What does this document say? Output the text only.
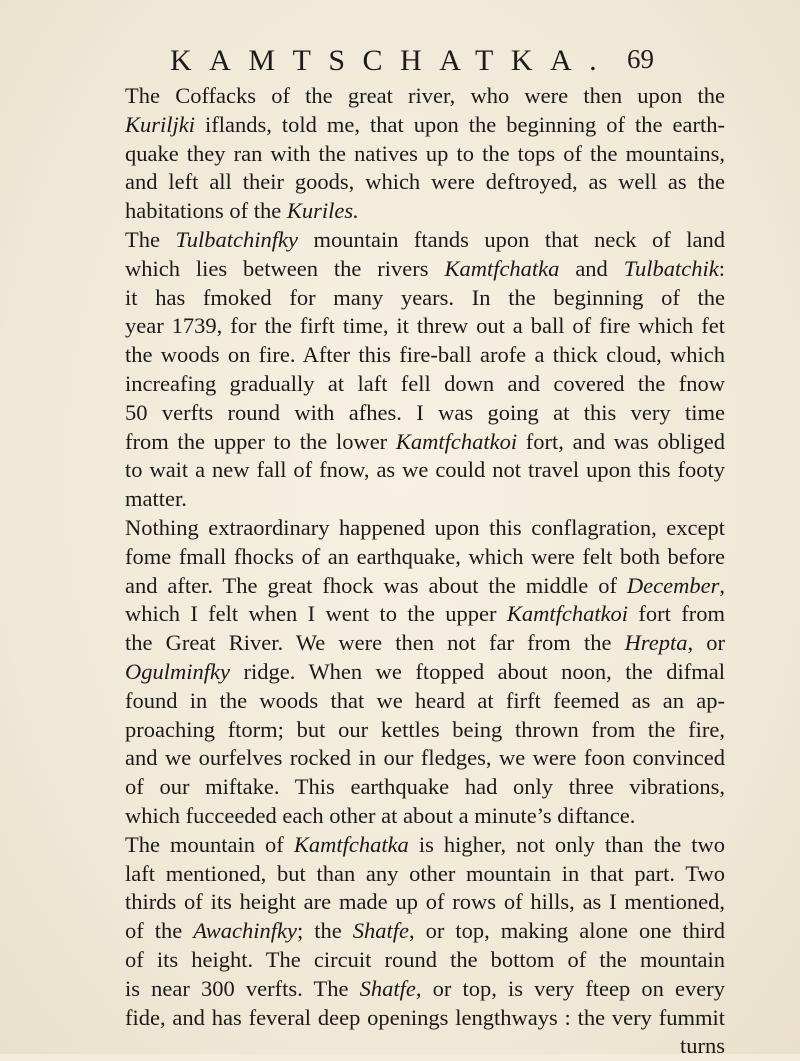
KAMTSCHATKA. 69
The Coffacks of the great river, who were then upon the
Kuriljki iflands, told me, that upon the beginning of the earth-
quake they ran with the natives up to the tops of the mountains,
and left all their goods, which were deftroyed, as well as the
habitations of the Kuriles.
The Tulbatchinfky mountain ftands upon that neck of land
which lies between the rivers Kamtfchatka and Tulbatchik:
it has fmoked for many years. In the beginning of the
year 1739, for the firft time, it threw out a ball of fire which fet
the woods on fire. After this fire-ball arofe a thick cloud, which
increafing gradually at laft fell down and covered the fnow
50 verfts round with afhes. I was going at this very time
from the upper to the lower Kamtfchatkoi fort, and was obliged
to wait a new fall of fnow, as we could not travel upon this footy
matter.
Nothing extraordinary happened upon this conflagration, except
fome fmall fhocks of an earthquake, which were felt both before
and after. The great fhock was about the middle of December,
which I felt when I went to the upper Kamtfchatkoi fort from
the Great River. We were then not far from the Hrepta, or
Ogulminfky ridge. When we ftopped about noon, the difmal
found in the woods that we heard at firft feemed as an ap-
proaching ftorm; but our kettles being thrown from the fire,
and we ourfelves rocked in our fledges, we were foon convinced
of our miftake. This earthquake had only three vibrations,
which fucceeded each other at about a minute’s diftance.
The mountain of Kamtfchatka is higher, not only than the two
laft mentioned, but than any other mountain in that part. Two
thirds of its height are made up of rows of hills, as I mentioned,
of the Awachinfky; the Shatfe, or top, making alone one third
of its height. The circuit round the bottom of the mountain
is near 300 verfts. The Shatfe, or top, is very fteep on every
fide, and has feveral deep openings lengthways : the very fummit
turns
